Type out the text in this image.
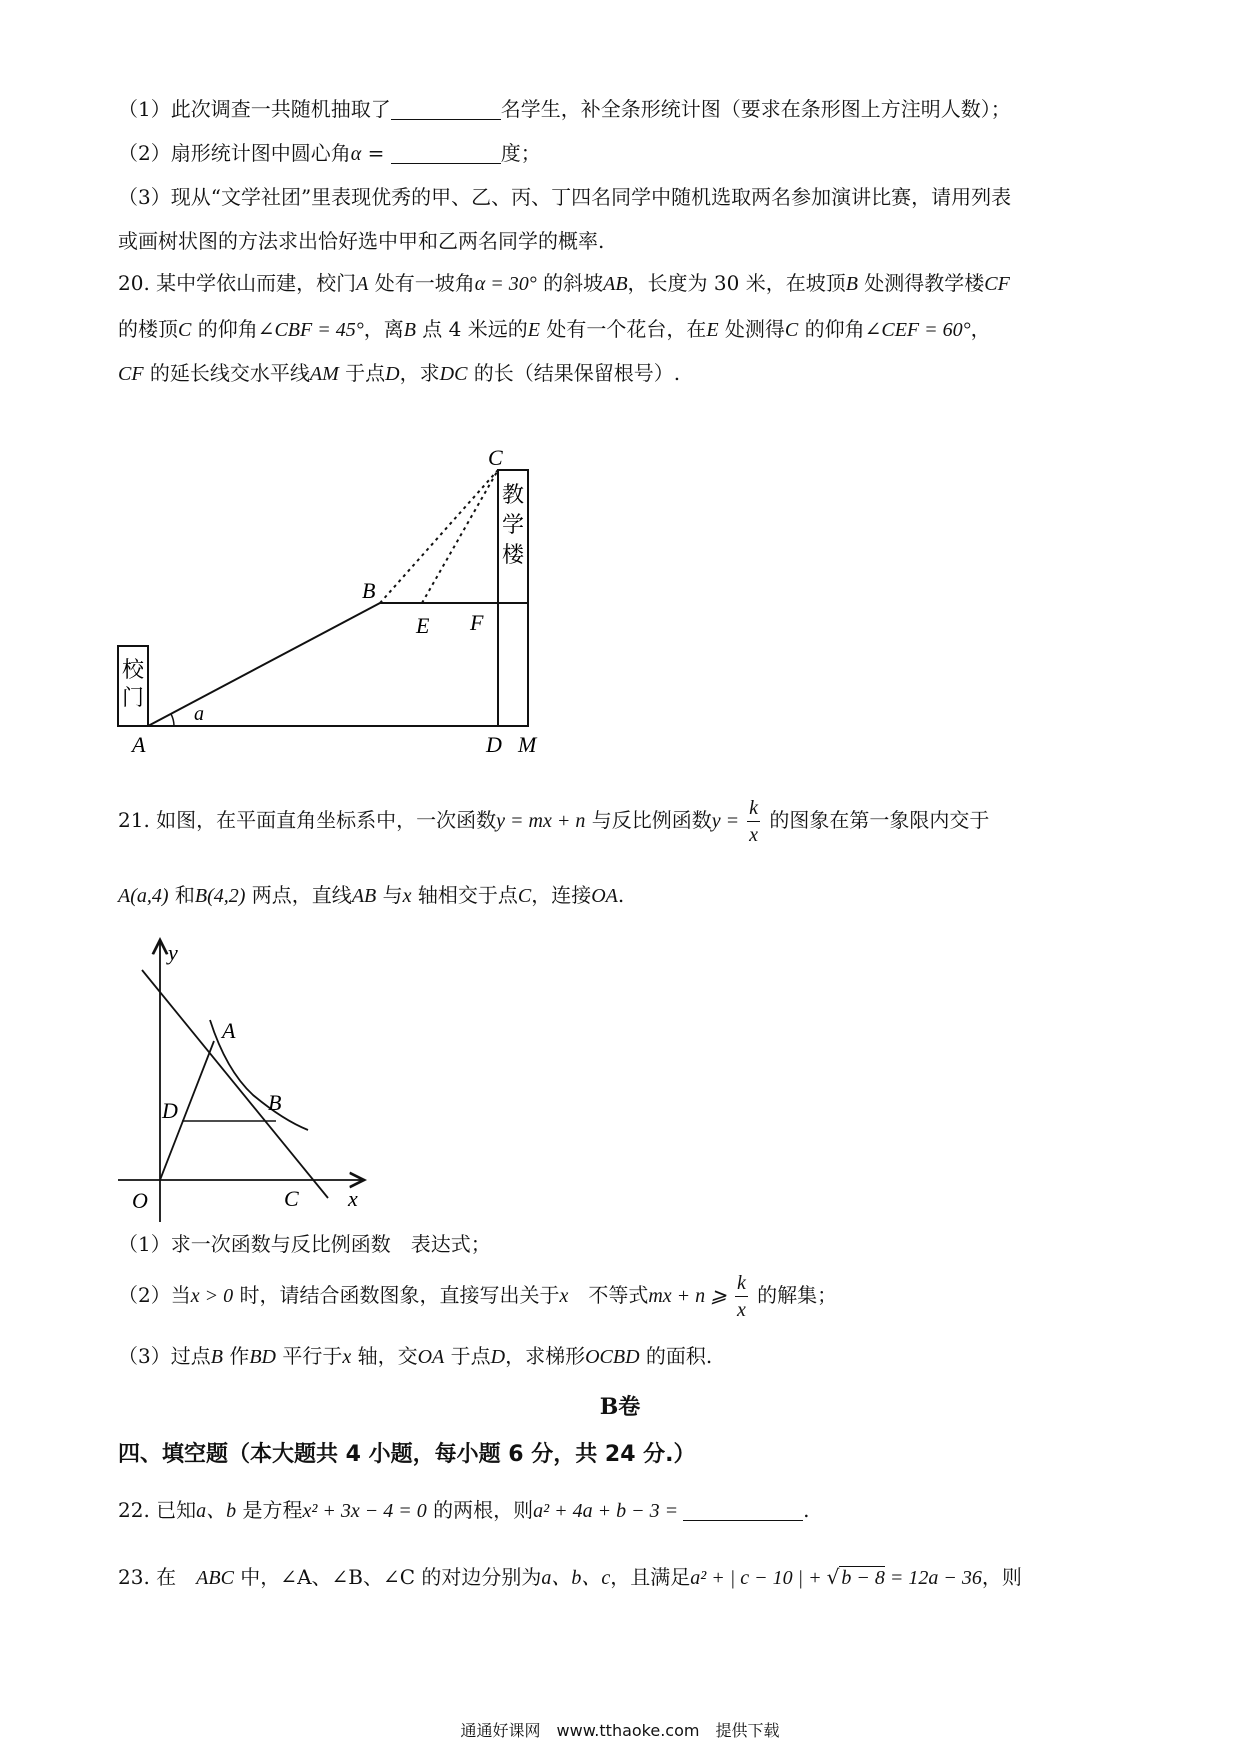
（1）此次调查一共随机抽取了	名学生，补全条形统计图（要求在条形图上方注明人数）；
（2）扇形统计图中圆心角α =	度；
（3）现从“文学社团”里表现优秀的甲、乙、丙、丁四名同学中随机选取两名参加演讲比赛，请用列表
或画树状图的方法求出恰好选中甲和乙两名同学的概率.
20. 某中学依山而建，校门A 处有一坡角α = 30° 的斜坡AB，长度为 30 米，在坡顶B 处测得教学楼CF
的楼顶C 的仰角∠CBF = 45°，离B 点 4 米远的E 处有一个花台，在E 处测得C 的仰角∠CEF = 60°，
CF 的延长线交水平线AM 于点D，求DC 的长（结果保留根号）.
校
门
教
学
楼
C
B
E F
A	D M
a
21. 如图，在平面直角坐标系中，一次函数y = mx + n 与反比例函数$y = \frac{k}{x}$ 的图象在第一象限内交于
A(a,4) 和B(4,2) 两点，直线AB 与x 轴相交于点C，连接OA.
y
x
O
A
B
C
D
（1）求一次函数与反比例函数　表达式；
（2）当x > 0 时，请结合函数图象，直接写出关于x　不等式mx + n ⩾ $\frac{k}{x}$ 的解集；
（3）过点B 作BD 平行于x 轴，交OA 于点D，求梯形OCBD 的面积.
B卷
四、填空题（本大题共 4 小题，每小题 6 分，共 24 分.）
22. 已知a、b 是方程x² + 3x − 4 = 0 的两根，则a² + 4a + b − 3 =	.
23. 在　ABC 中，∠A、∠B、∠C 的对边分别为a、b、c，且满足a² + | c − 10 | + √ b − 8 = 12a − 36，则
通通好课网　www.tthaoke.com　提供下载
